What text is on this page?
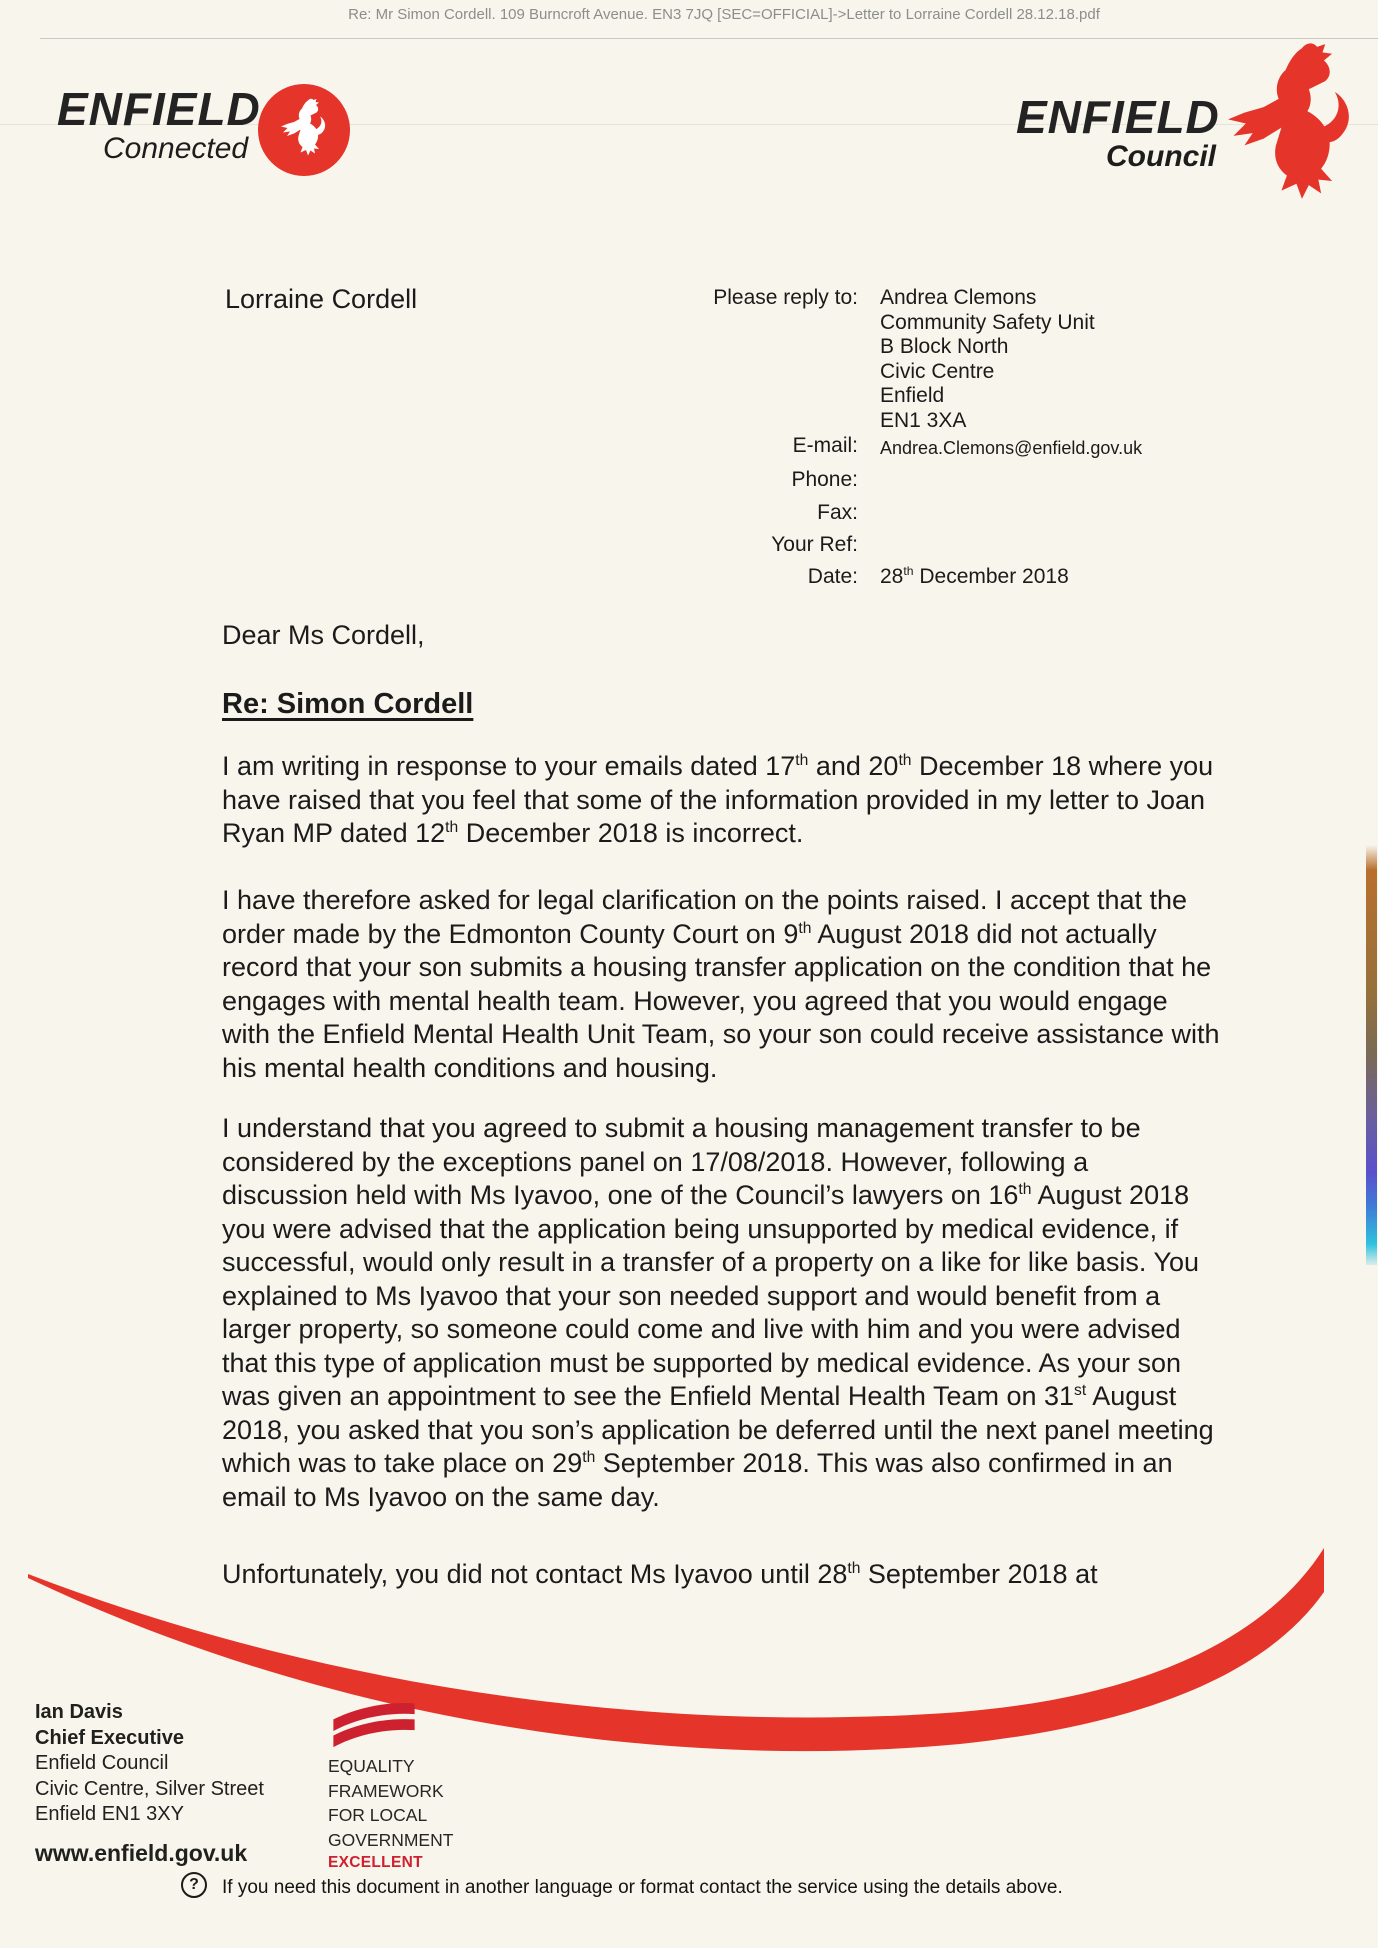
Re: Mr Simon Cordell. 109 Burncroft Avenue. EN3 7JQ [SEC=OFFICIAL]->Letter to Lorraine Cordell 28.12.18.pdf
ENFIELD
Connected
ENFIELD
Council
Lorraine Cordell	Please reply to: Andrea Clemons
Community Safety Unit
B Block North
Civic Centre
Enfield
EN1 3XA
E-mail: Andrea.Clemons@enfield.gov.uk
Phone:
Fax:
Your Ref:
Date: 28th December 2018
Dear Ms Cordell,
Re: Simon Cordell

I am writing in response to your emails dated 17th and 20th December 18 where you have raised that you feel that some of the information provided in my letter to Joan Ryan MP dated 12th December 2018 is incorrect.

I have therefore asked for legal clarification on the points raised. I accept that the order made by the Edmonton County Court on 9th August 2018 did not actually record that your son submits a housing transfer application on the condition that he engages with mental health team. However, you agreed that you would engage with the Enfield Mental Health Unit Team, so your son could receive assistance with his mental health conditions and housing.

I understand that you agreed to submit a housing management transfer to be considered by the exceptions panel on 17/08/2018. However, following a discussion held with Ms Iyavoo, one of the Council’s lawyers on 16th August 2018 you were advised that the application being unsupported by medical evidence, if successful, would only result in a transfer of a property on a like for like basis. You explained to Ms Iyavoo that your son needed support and would benefit from a larger property, so someone could come and live with him and you were advised that this type of application must be supported by medical evidence. As your son was given an appointment to see the Enfield Mental Health Team on 31st August 2018, you asked that you son’s application be deferred until the next panel meeting which was to take place on 29th September 2018. This was also confirmed in an email to Ms Iyavoo on the same day.

Unfortunately, you did not contact Ms Iyavoo until 28th September 2018 at

Ian Davis
Chief Executive
Enfield Council
Civic Centre, Silver Street
Enfield EN1 3XY
www.enfield.gov.uk
EQUALITY
FRAMEWORK
FOR LOCAL
GOVERNMENT
EXCELLENT
? If you need this document in another language or format contact the service using the details above.
